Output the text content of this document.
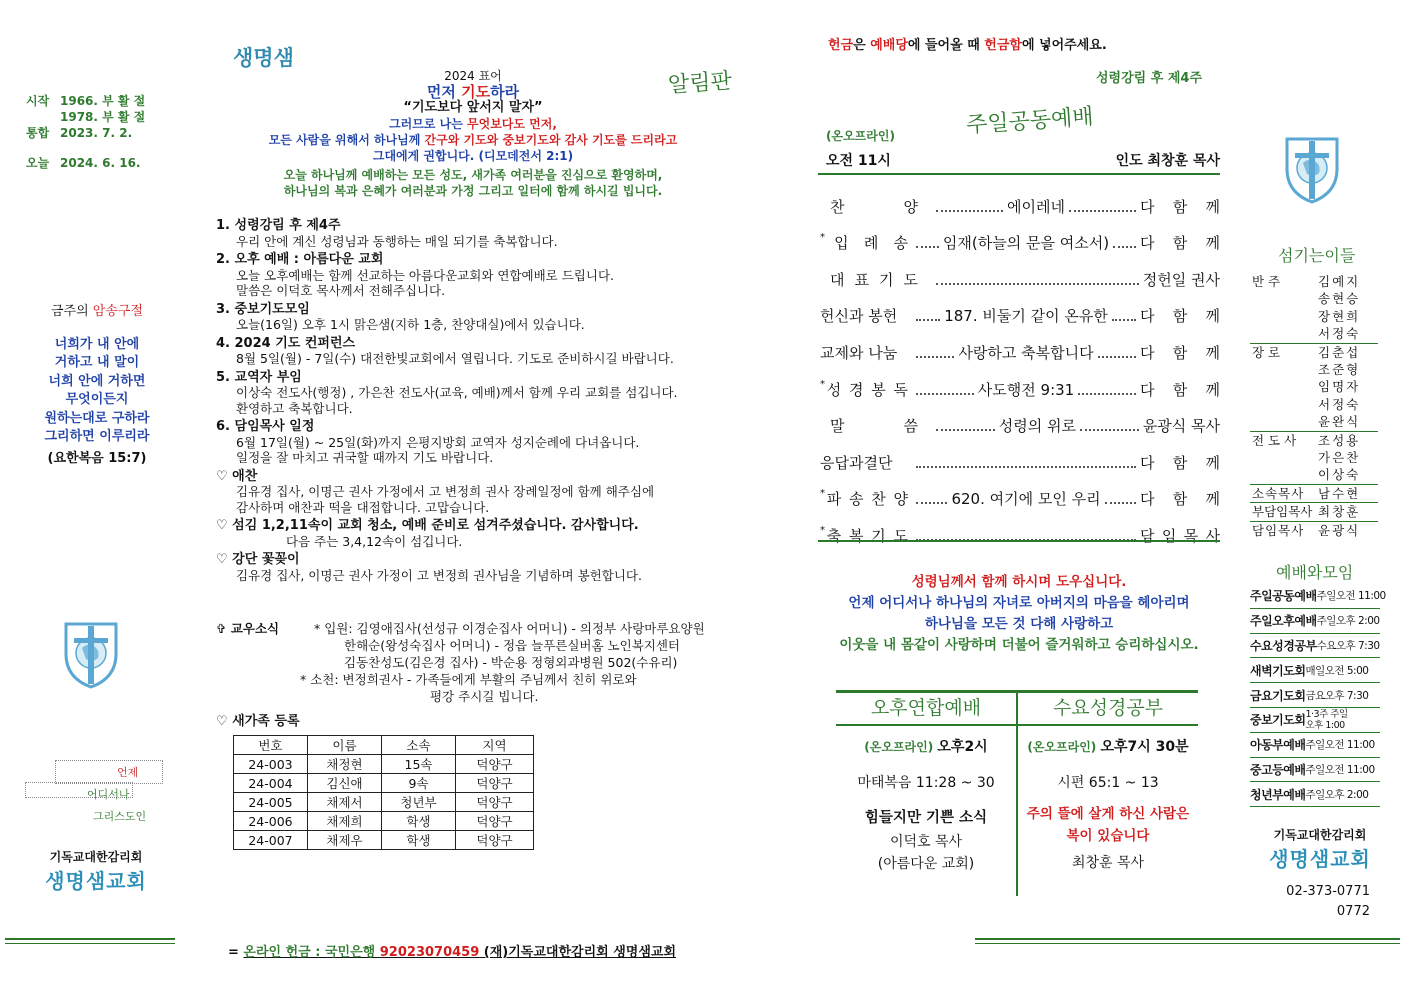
시작 1966. 부 활 절
1978. 부 활 절
통합 2023. 7. 2.
오늘 2024. 6. 16.
금주의 암송구절
너희가 내 안에
거하고 내 말이
너희 안에 거하면
무엇이든지
원하는대로 구하라
그리하면 이루리라
(요한복음 15:7)
언제
어디서나
그리스도인
기독교대한감리회
생명샘교회
생명샘
알림판
2024 표어
먼저 기도하라
“기도보다 앞서지 말자”
그러므로 나는 무엇보다도 먼저,
모든 사람을 위해서 하나님께 간구와 기도와 중보기도와 감사 기도를 드리라고
그대에게 권합니다. (디모데전서 2:1)
오늘 하나님께 예배하는 모든 성도, 새가족 여러분을 진심으로 환영하며,
하나님의 복과 은혜가 여러분과 가정 그리고 일터에 함께 하시길 빕니다.
1. 성령강림 후 제4주
우리 안에 계신 성령님과 동행하는 매일 되기를 축복합니다.
2. 오후 예배 : 아름다운 교회
오늘 오후예배는 함께 선교하는 아름다운교회와 연합예배로 드립니다.
말씀은 이덕호 목사께서 전해주십니다.
3. 중보기도모임
오늘(16일) 오후 1시 맑은샘(지하 1층, 찬양대실)에서 있습니다.
4. 2024 기도 컨퍼런스
8월 5일(월) - 7일(수) 대전한빛교회에서 열립니다. 기도로 준비하시길 바랍니다.
5. 교역자 부임
이상숙 전도사(행정) , 가은찬 전도사(교육, 예배)께서 함께 우리 교회를 섬깁니다.
환영하고 축복합니다.
6. 담임목사 일정
6월 17일(월) ~ 25일(화)까지 은평지방회 교역자 성지순례에 다녀옵니다.
일정을 잘 마치고 귀국할 때까지 기도 바랍니다.
♡ 애찬
김유경 집사, 이명근 권사 가정에서 고 변정희 권사 장례일정에 함께 해주심에
감사하며 애찬과 떡을 대접합니다. 고맙습니다.
♡ 섬김 1,2,11속이 교회 청소, 예배 준비로 섬겨주셨습니다. 감사합니다.
다음 주는 3,4,12속이 섬깁니다.
♡ 강단 꽃꽂이
김유경 집사, 이명근 권사 가정이 고 변정희 권사님을 기념하며 봉헌합니다.
✞ 교우소식	* 입원: 김영애집사(선성규 이경순집사 어머니) - 의정부 사랑마루요양원
한해순(왕성숙집사 어머니) - 정읍 늘푸른실버홈 노인복지센터
김동찬성도(김은경 집사) - 박순용 정형외과병원 502(수유리)
* 소천: 변정희권사 - 가족들에게 부활의 주님께서 친히 위로와
평강 주시길 빕니다.
♡ 새가족 등록
번호	이름	소속	지역
24-003	채정현	15속	덕양구
24-004	김신애	9속	덕양구
24-005	채제서	청년부	덕양구
24-006	채제희	학생	덕양구
24-007	채제우	학생	덕양구
= 온라인 헌금 : 국민은행 92023070459 (재)기독교대한감리회 생명샘교회
헌금은 예배당에 들어올 때 헌금함에 넣어주세요.
성령강림 후 제4주
주일공동예배
(온오프라인)
오전 11시	인도 최창훈 목사
찬	양	에이레네	다 함 께
* 입 례 송 임재(하늘의 문을 여소서) 다 함 께
대 표 기 도	정헌일 권사
헌신과 봉헌	187. 비둘기 같이 온유한 다 함 께
교제와 나눔	사랑하고 축복합니다	다 함 께
* 성 경 봉 독	사도행전 9:31	다 함 께
말	씀	성령의 위로	윤광식 목사
응답과결단	다 함 께
* 파 송 찬 양	620. 여기에 모인 우리	다 함 께
* 축 복 기 도	담 임 목 사
성령님께서 함께 하시며 도우십니다.
언제 어디서나 하나님의 자녀로 아버지의 마음을 헤아리며
하나님을 모든 것 다해 사랑하고
이웃을 내 몸같이 사랑하며 더불어 즐거워하고 승리하십시오.
오후연합예배
(온오프라인) 오후2시
마태복음 11:28 ~ 30
힘들지만 기쁜 소식
이덕호 목사
(아름다운 교회)
수요성경공부
(온오프라인) 오후7시 30분
시편 65:1 ~ 13
주의 뜰에 살게 하신 사람은
복이 있습니다
최창훈 목사
섬기는이들
반 주	김예지
송현승
장현희
서정숙
장 로	김춘섭
조준형
임명자
서정숙
윤완식
전 도 사	조성용
가은찬
이상숙
소속목사	남수현
부담임목사 최창훈
담임목사	윤광식
예배와모임
주일공동예배 주일오전 11:00
주일오후예배 주일오후 2:00
수요성경공부 수요오후 7:30
새벽기도회 매일오전 5:00
금요기도회 금요오후 7:30
중보기도회 1·3주 주일오후 1:00
아동부예배 주일오전 11:00
중고등예배 주일오전 11:00
청년부예배 주일오후 2:00
기독교대한감리회
생명샘교회
02-373-0771
0772
